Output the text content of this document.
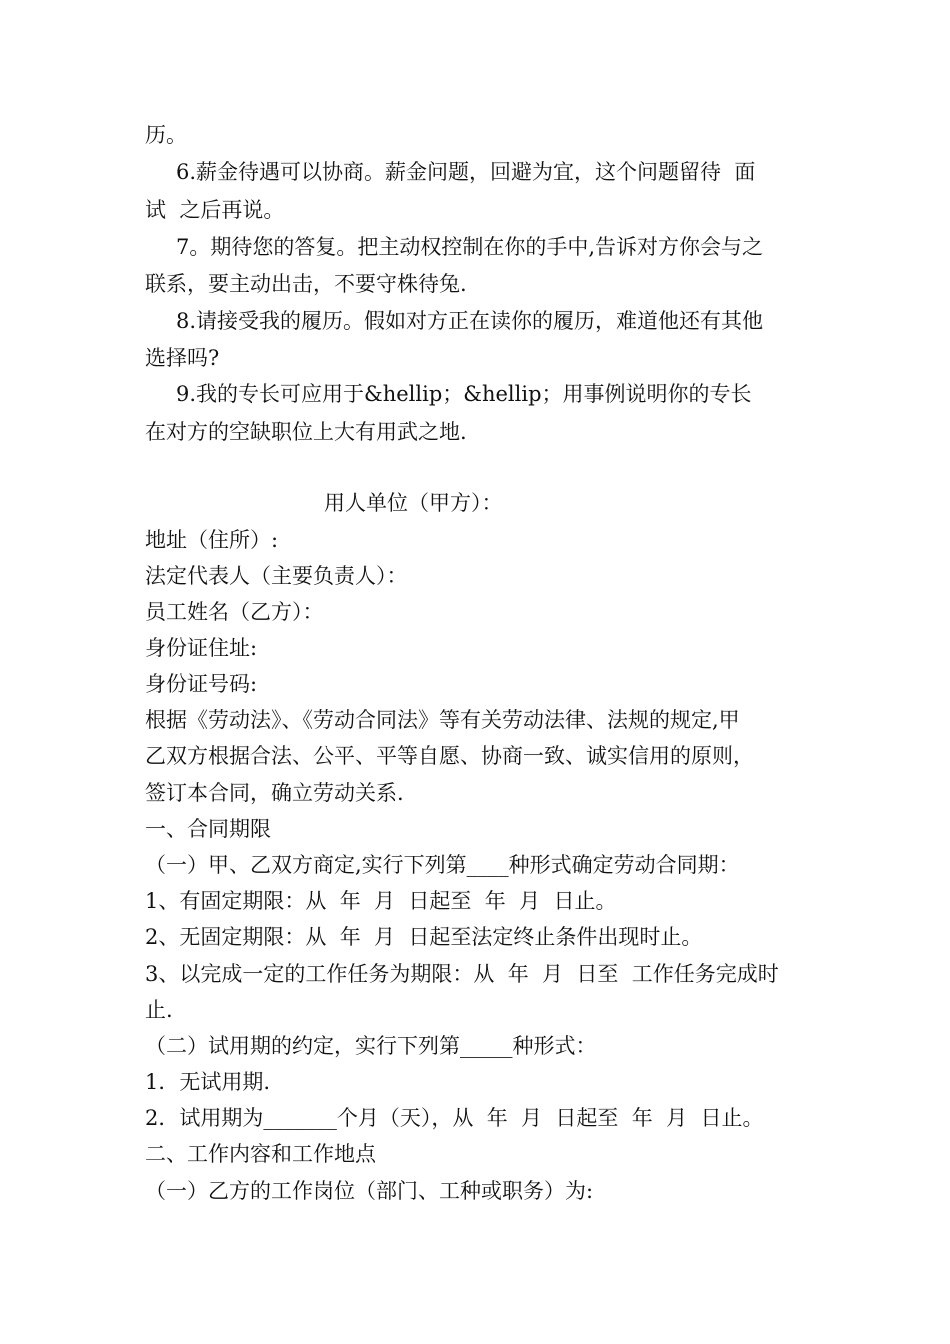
历。
6.薪金待遇可以协商。薪金问题，回避为宜，这个问题留待  面
试  之后再说。
7。期待您的答复。把主动权控制在你的手中,告诉对方你会与之
联系，要主动出击，不要守株待兔.
8.请接受我的履历。假如对方正在读你的履历，难道他还有其他
选择吗?
9.我的专长可应用于&hellip；&hellip；用事例说明你的专长
在对方的空缺职位上大有用武之地.
用人单位（甲方）：
地址（住所）:
法定代表人（主要负责人）：
员工姓名（乙方）：
身份证住址:
身份证号码:
根据《劳动法》、《劳动合同法》等有关劳动法律、法规的规定,甲
乙双方根据合法、公平、平等自愿、协商一致、诚实信用的原则，
签订本合同，确立劳动关系.
一、合同期限
（一）甲、乙双方商定,实行下列第____种形式确定劳动合同期：
1、有固定期限：从  年  月  日起至  年  月  日止。
2、无固定期限：从  年  月  日起至法定终止条件出现时止。
3、以完成一定的工作任务为期限：从  年  月  日至  工作任务完成时
止.
（二）试用期的约定，实行下列第_____种形式：
1．无试用期.
2．试用期为_______个月（天），从  年  月  日起至  年  月  日止。
二、工作内容和工作地点
（一）乙方的工作岗位（部门、工种或职务）为:
